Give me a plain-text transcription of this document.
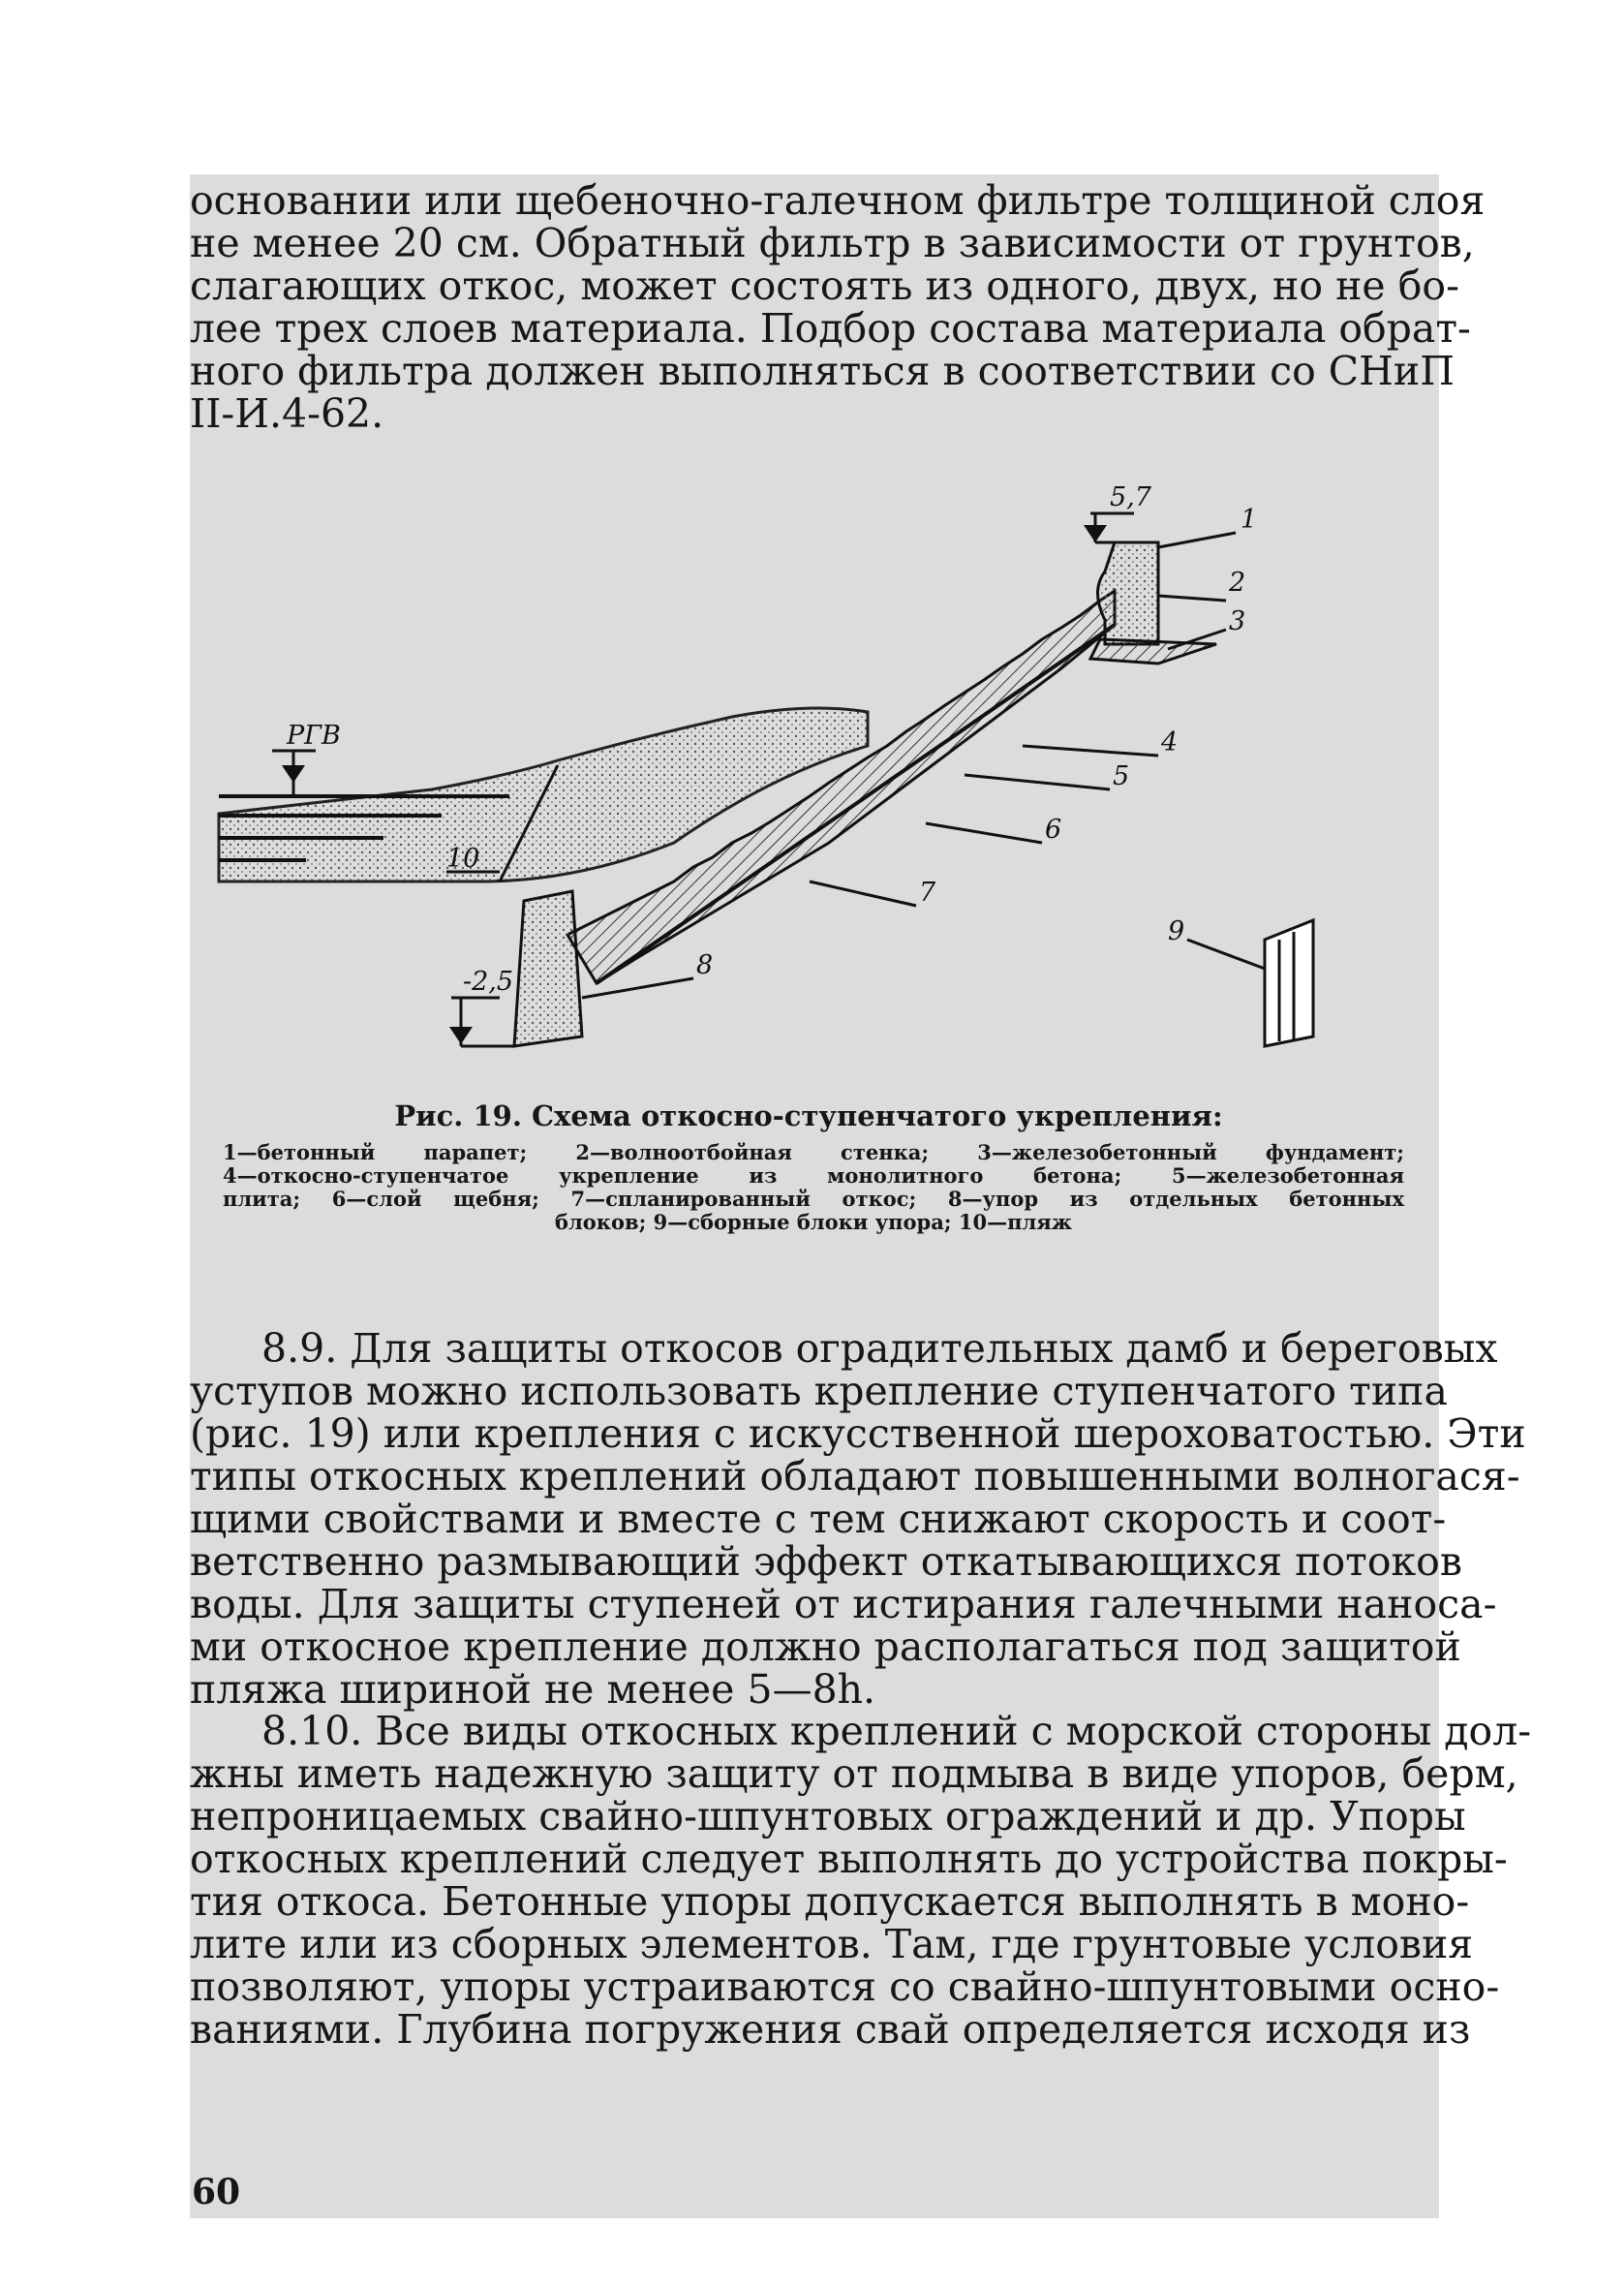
основании или щебеночно-галечном фильтре толщиной слоя
не менее 20 см. Обратный фильтр в зависимости от грунтов,
слагающих откос, может состоять из одного, двух, но не бо-
лее трех слоев материала. Подбор состава материала обрат-
ного фильтра должен выполняться в соответствии со СНиП
II-И.4-62.
РГВ
5,7
-2,5
1
2
3
4
5
6
7
8
9
10
Рис. 19. Схема откосно-ступенчатого укрепления:
1—бетонный парапет; 2—волноотбойная стенка; 3—железобетонный фундамент;
4—откосно-ступенчатое укрепление из монолитного бетона; 5—железобетонная
плита; 6—слой щебня; 7—спланированный откос; 8—упор из отдельных бетонных
блоков; 9—сборные блоки упора; 10—пляж
8.9. Для защиты откосов оградительных дамб и береговых
уступов можно использовать крепление ступенчатого типа
(рис. 19) или крепления с искусственной шероховатостью. Эти
типы откосных креплений обладают повышенными волногася-
щими свойствами и вместе с тем снижают скорость и соот-
ветственно размывающий эффект откатывающихся потоков
воды. Для защиты ступеней от истирания галечными наноса-
ми откосное крепление должно располагаться под защитой
пляжа шириной не менее 5—8h.
8.10. Все виды откосных креплений с морской стороны дол-
жны иметь надежную защиту от подмыва в виде упоров, берм,
непроницаемых свайно-шпунтовых ограждений и др. Упоры
откосных креплений следует выполнять до устройства покры-
тия откоса. Бетонные упоры допускается выполнять в моно-
лите или из сборных элементов. Там, где грунтовые условия
позволяют, упоры устраиваются со свайно-шпунтовыми осно-
ваниями. Глубина погружения свай определяется исходя из
60
